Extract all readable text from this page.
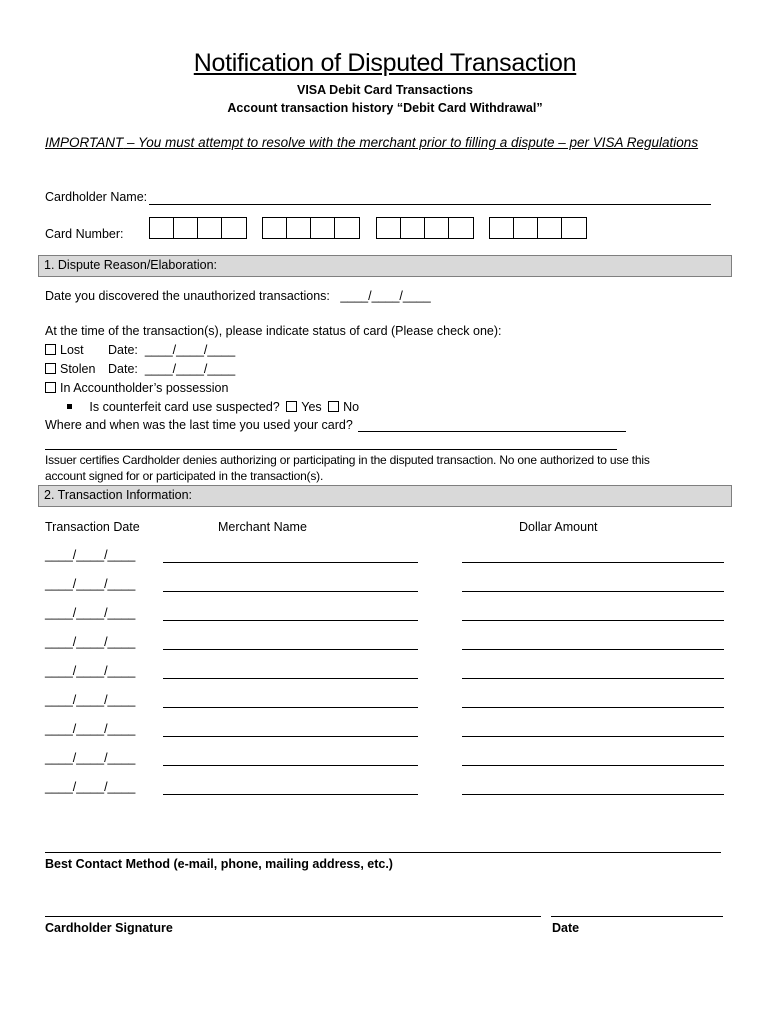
Notification of Disputed Transaction
VISA Debit Card Transactions
Account transaction history “Debit Card Withdrawal”
IMPORTANT – You must attempt to resolve with the merchant prior to filling a dispute – per VISA Regulations
Cardholder Name:
Card Number:
1. Dispute Reason/Elaboration:
Date you discovered the unauthorized transactions: ____/____/____
At the time of the transaction(s), please indicate status of card (Please check one):
Lost Date: ____/____/____
Stolen Date: ____/____/____
In Accountholder’s possession
Is counterfeit card use suspected? Yes No
Where and when was the last time you used your card?
Issuer certifies Cardholder denies authorizing or participating in the disputed transaction. No one authorized to use this
account signed for or participated in the transaction(s).
2. Transaction Information:
Transaction Date	Merchant Name	Dollar Amount
____/____/____
____/____/____
____/____/____
____/____/____
____/____/____
____/____/____
____/____/____
____/____/____
____/____/____
Best Contact Method (e-mail, phone, mailing address, etc.)
Cardholder Signature	Date
